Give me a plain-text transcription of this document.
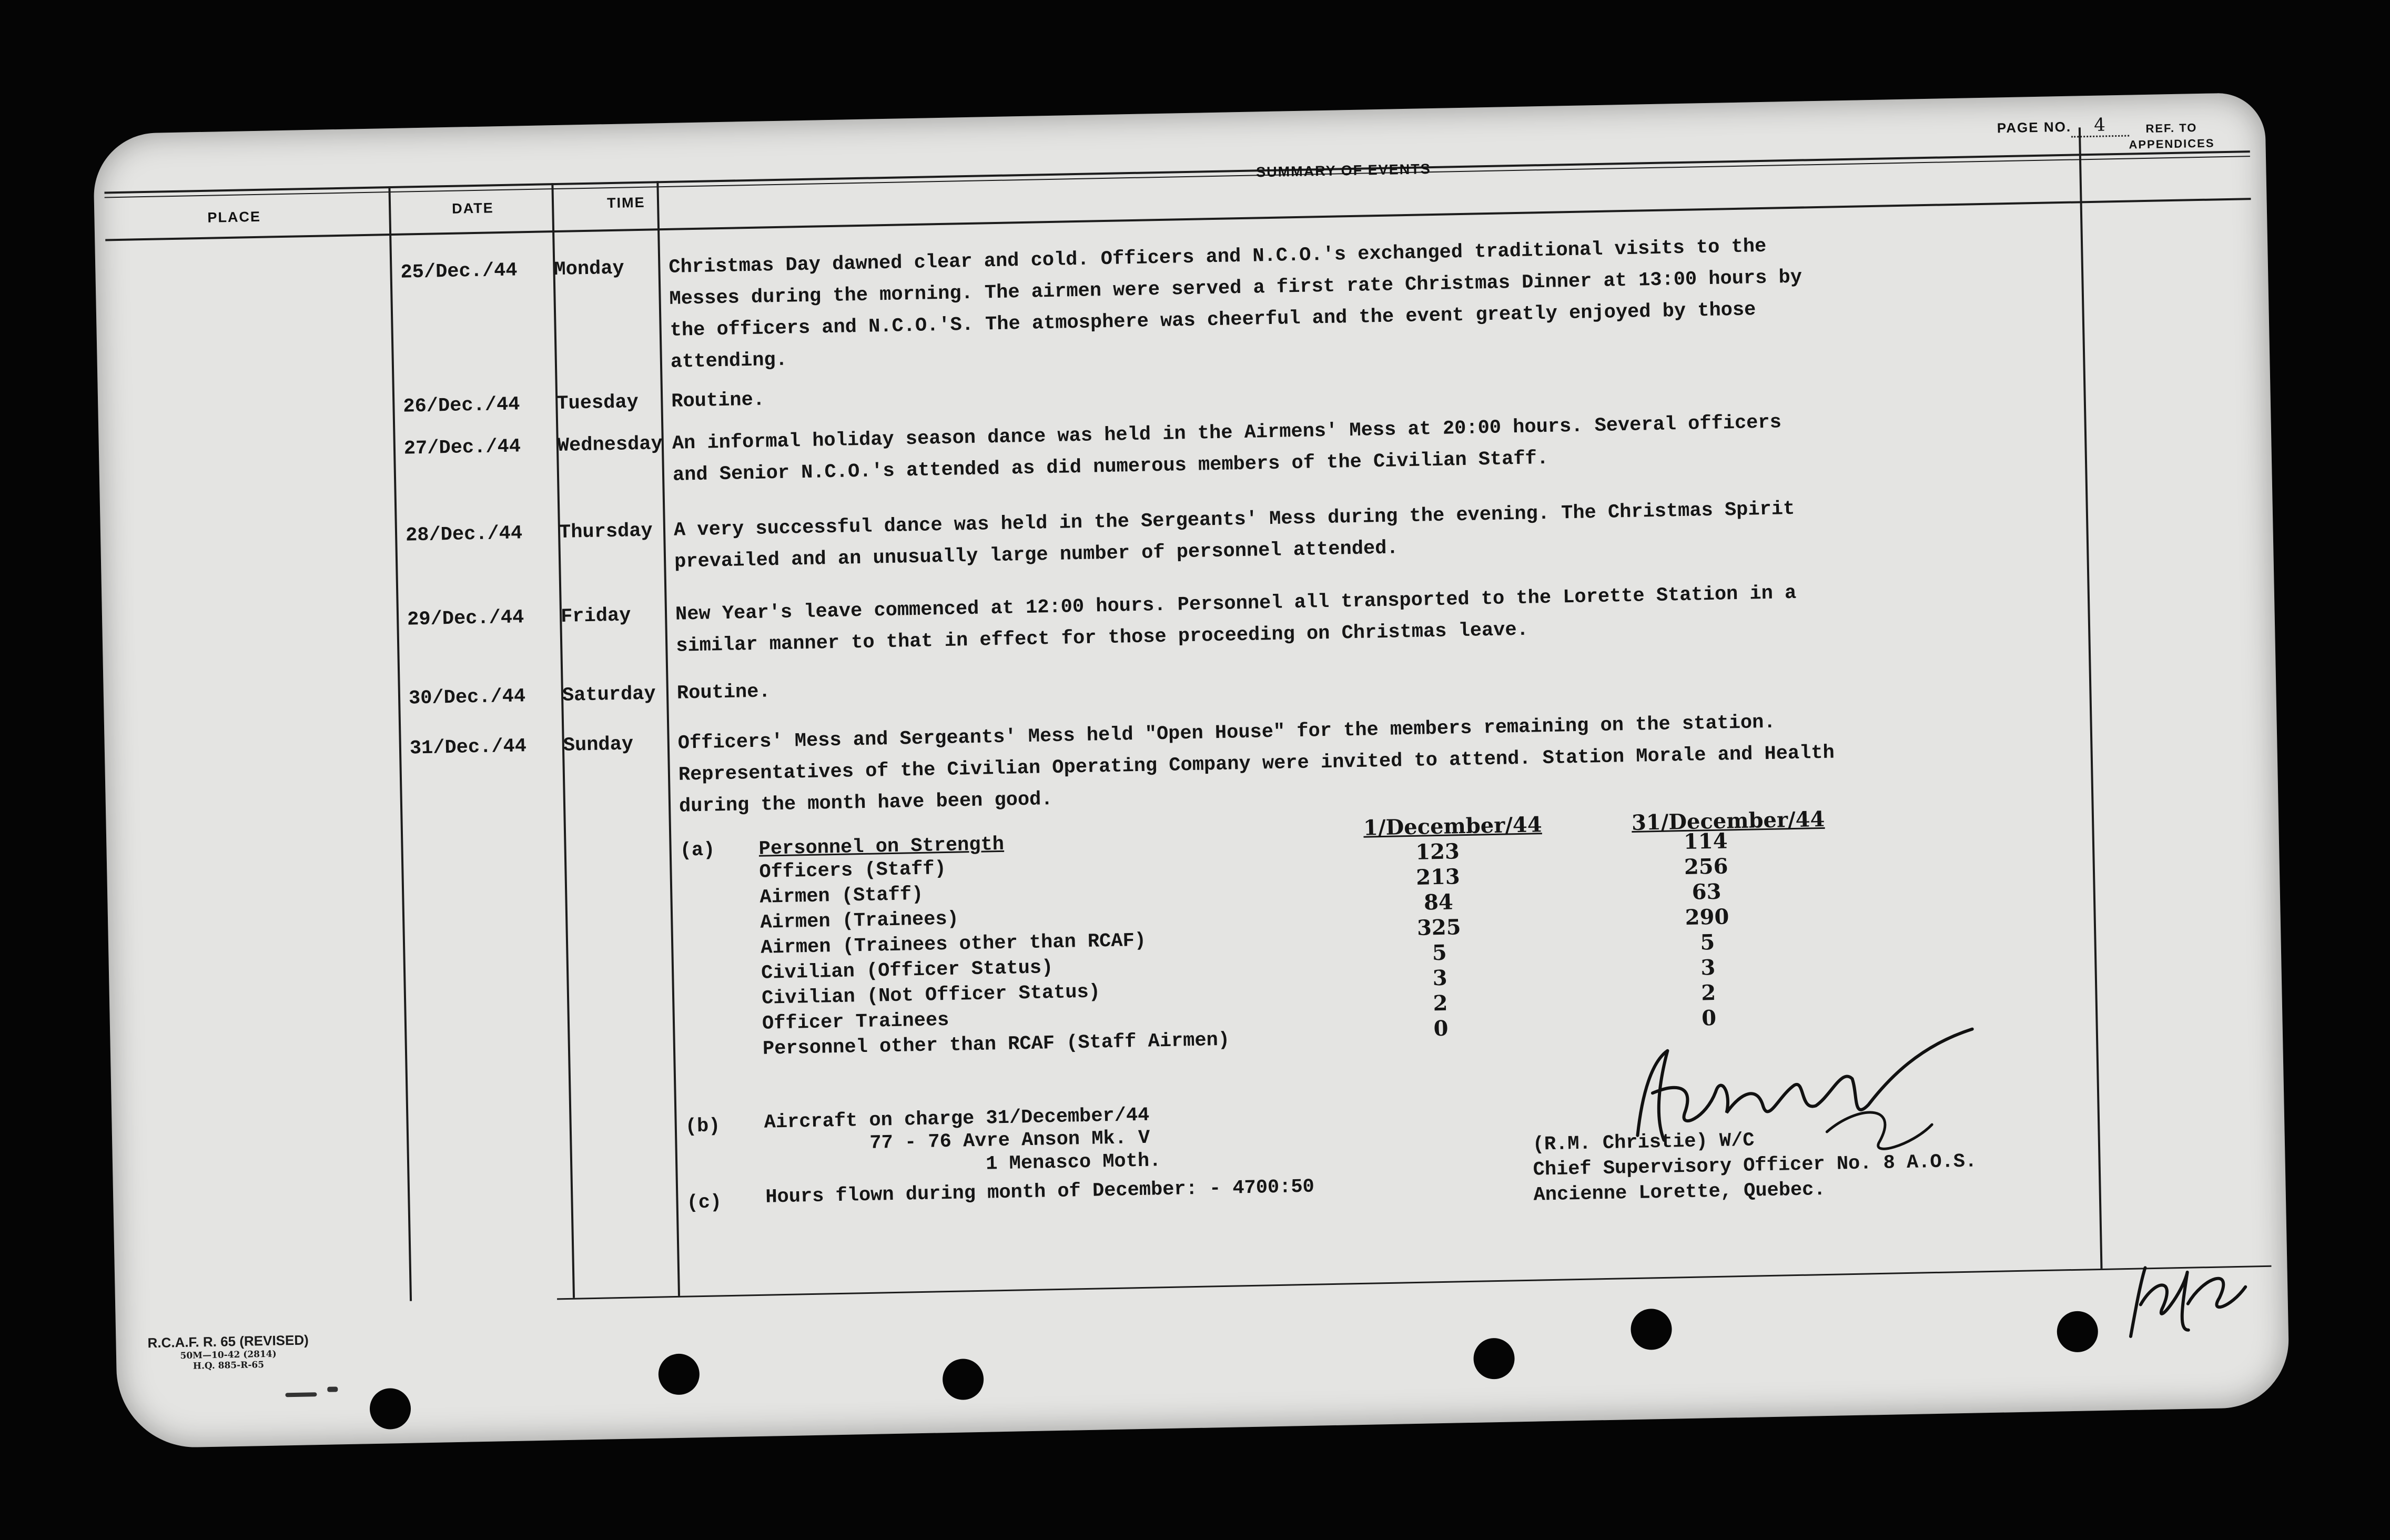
PAGE NO. 4
PLACE
DATE	TIME
SUMMARY OF EVENTS
REF. TO
APPENDICES
25/Dec./44 Monday Christmas Day dawned clear and cold. Officers and N.C.O.'s exchanged traditional visits to the
Messes during the morning. The airmen were served a first rate Christmas Dinner at 13:00 hours by
the officers and N.C.O.'S. The atmosphere was cheerful and the event greatly enjoyed by those
attending.
26/Dec./44 Tuesday Routine.
27/Dec./44 Wednesday An informal holiday season dance was held in the Airmens' Mess at 20:00 hours. Several officers
and Senior N.C.O.'s attended as did numerous members of the Civilian Staff.
28/Dec./44 Thursday A very successful dance was held in the Sergeants' Mess during the evening. The Christmas Spirit
prevailed and an unusually large number of personnel attended.
29/Dec./44 Friday New Year's leave commenced at 12:00 hours. Personnel all transported to the Lorette Station in a
similar manner to that in effect for those proceeding on Christmas leave.
30/Dec./44 Saturday Routine.
31/Dec./44 Sunday Officers' Mess and Sergeants' Mess held "Open House" for the members remaining on the station.
Representatives of the Civilian Operating Company were invited to attend. Station Morale and Health
during the month have been good.
(a) Personnel on Strength
1/December/44	31/December/44
Officers (Staff)
Airmen (Staff)
Airmen (Trainees)
Airmen (Trainees other than RCAF)
Civilian (Officer Status)
Civilian (Not Officer Status)
Officer Trainees
Personnel other than RCAF (Staff Airmen)
123
213
84
325
5
3
2
0
114
256
63
290
5
3
2
0
(b) Aircraft on charge 31/December/44
77 - 76 Avre Anson Mk. V
1 Menasco Moth.
(c) Hours flown during month of December: - 4700:50
(R.M. Christie) W/C
Chief Supervisory Officer No. 8 A.O.S.
Ancienne Lorette, Quebec.
R.C.A.F. R. 65 (REVISED)
50M—10-42 (2814)
H.Q. 885-R-65
